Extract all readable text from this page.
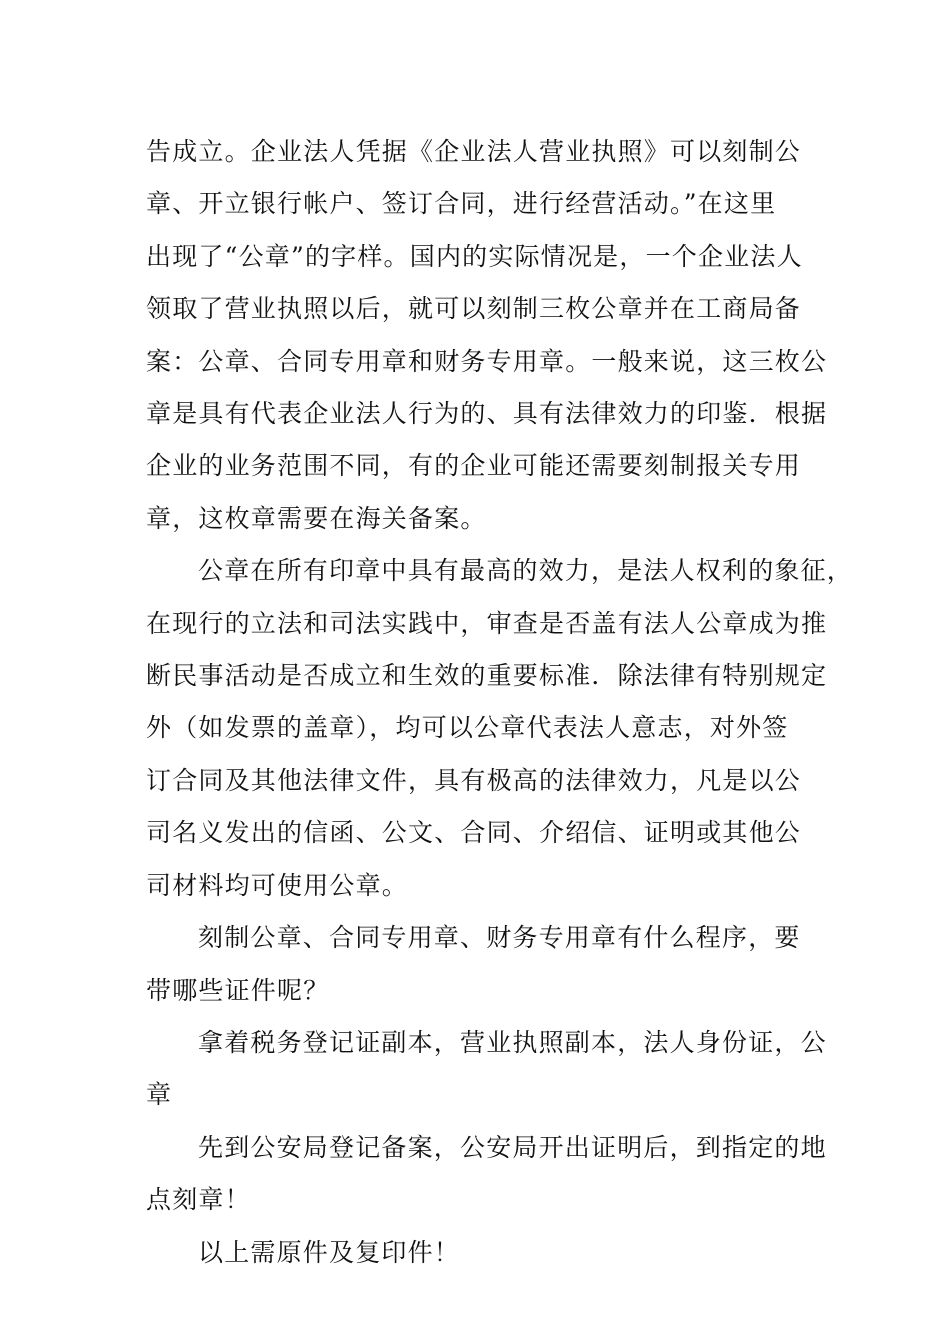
告成立。企业法人凭据《企业法人营业执照》可以刻制公
章、开立银行帐户、签订合同，进行经营活动。”在这里
出现了“公章”的字样。国内的实际情况是，一个企业法人
领取了营业执照以后，就可以刻制三枚公章并在工商局备
案：公章、合同专用章和财务专用章。一般来说，这三枚公
章是具有代表企业法人行为的、具有法律效力的印鉴．根据
企业的业务范围不同，有的企业可能还需要刻制报关专用
章，这枚章需要在海关备案。

公章在所有印章中具有最高的效力，是法人权利的象征，
在现行的立法和司法实践中，审查是否盖有法人公章成为推
断民事活动是否成立和生效的重要标准．除法律有特别规定
外（如发票的盖章），均可以公章代表法人意志，对外签
订合同及其他法律文件，具有极高的法律效力，凡是以公
司名义发出的信函、公文、合同、介绍信、证明或其他公
司材料均可使用公章。

刻制公章、合同专用章、财务专用章有什么程序，要
带哪些证件呢？

拿着税务登记证副本，营业执照副本，法人身份证，公
章

先到公安局登记备案，公安局开出证明后，到指定的地
点刻章！

以上需原件及复印件！
